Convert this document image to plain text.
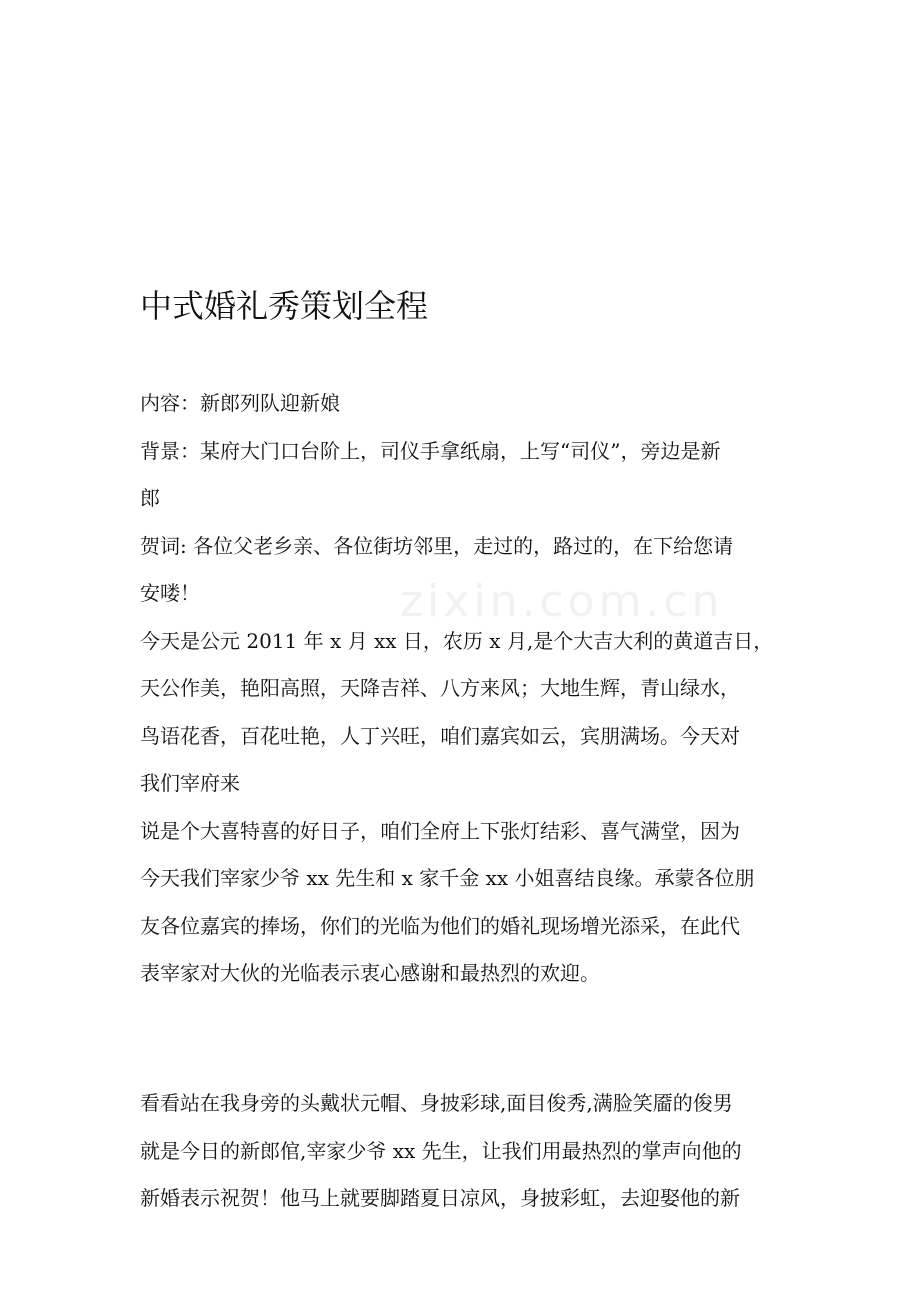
zixin.com.cn
中式婚礼秀策划全程
内容：新郎列队迎新娘
背景：某府大门口台阶上，司仪手拿纸扇，上写“司仪”，旁边是新
郎
贺词: 各位父老乡亲、各位街坊邻里，走过的，路过的，在下给您请
安喽！
今天是公元 2011 年 x 月 xx 日，农历 x 月,是个大吉大利的黄道吉日，
天公作美，艳阳高照，天降吉祥、八方来风；大地生辉，青山绿水，
鸟语花香，百花吐艳，人丁兴旺，咱们嘉宾如云，宾朋满场。今天对
我们宰府来
说是个大喜特喜的好日子，咱们全府上下张灯结彩、喜气满堂，因为
今天我们宰家少爷 xx 先生和 x 家千金 xx 小姐喜结良缘。承蒙各位朋
友各位嘉宾的捧场，你们的光临为他们的婚礼现场增光添采，在此代
表宰家对大伙的光临表示衷心感谢和最热烈的欢迎。
看看站在我身旁的头戴状元帽、身披彩球,面目俊秀,满脸笑靥的俊男
就是今日的新郎倌,宰家少爷 xx 先生，让我们用最热烈的掌声向他的
新婚表示祝贺！他马上就要脚踏夏日凉风，身披彩虹，去迎娶他的新
